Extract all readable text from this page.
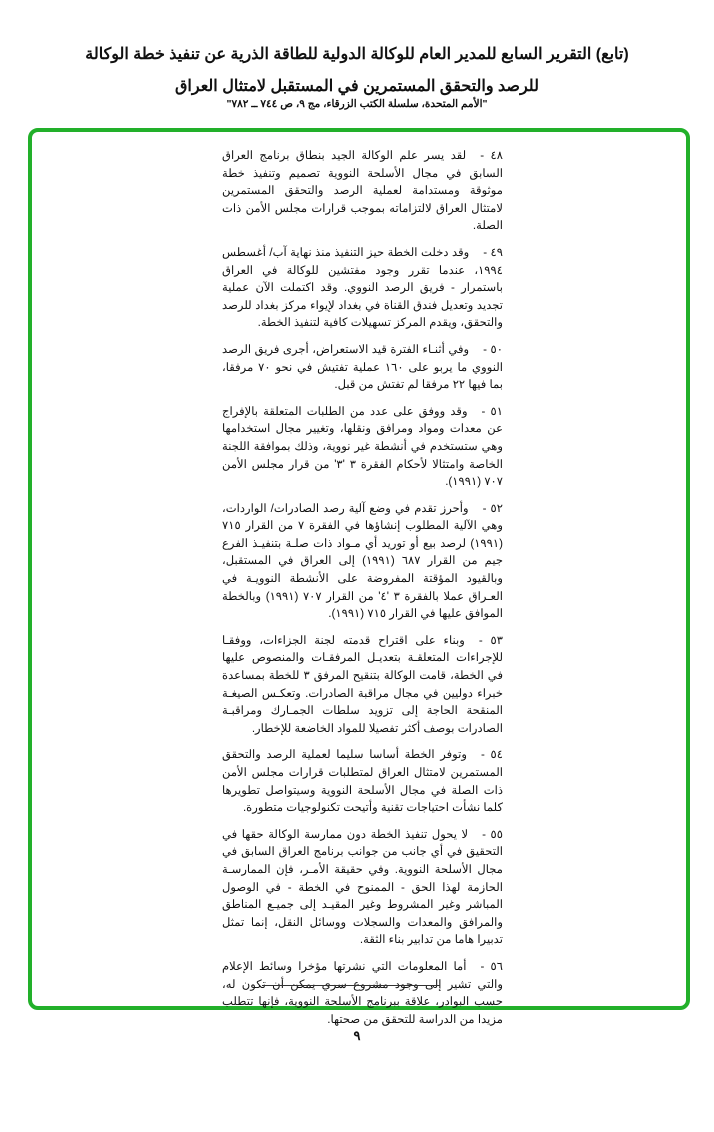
(تابع) التقرير السابع للمدير العام للوكالة الدولية للطاقة الذرية عن تنفيذ خطة الوكالة
للرصد والتحقق المستمرين في المستقبل لامتثال العراق
"الأمم المتحدة، سلسلة الكتب الزرقاء، مج ٩، ص ٧٤٤ ــ ٧٨٢"

٤٨ -لقد يسر علم الوكالة الجيد بنطاق برنامج العراق السابق في مجال الأسلحة النووية تصميم وتنفيذ خطة موثوقة ومستدامة لعملية الرصد والتحقق المستمرين لامتثال العراق لالتزاماته بموجب قرارات مجلس الأمن ذات الصلة.

٤٩ -وقد دخلت الخطة حيز التنفيذ منذ نهاية آب/ أغسطس ١٩٩٤، عندما تقرر وجود مفتشين للوكالة في العراق باستمرار - فريق الرصد النووي. وقد اكتملت الآن عملية تجديد وتعديل فندق القناة في بغداد لإيواء مركز بغداد للرصد والتحقق، ويقدم المركز تسهيلات كافية لتنفيذ الخطة.

٥٠ -وفي أثنـاء الفترة قيد الاستعراض، أجرى فريق الرصد النووي ما يربو على ١٦٠ عملية تفتيش في نحو ٧٠ مرفقا، بما فيها ٢٢ مرفقا لم تفتش من قبل.

٥١ -وقد ووفق على عدد من الطلبات المتعلقة بالإفراج عن معدات ومواد ومرافق ونقلها، وتغيير مجال استخدامها وهي ستستخدم في أنشطة غير نووية، وذلك بموافقة اللجنة الخاصة وامتثالا لأحكام الفقرة ٣ '٣' من قرار مجلس الأمن ٧٠٧ (١٩٩١).

٥٢ -وأحرز تقدم في وضع آلية رصد الصادرات/ الواردات، وهي الآلية المطلوب إنشاؤها في الفقرة ٧ من القرار ٧١٥ (١٩٩١) لرصد بيع أو توريد أي مـواد ذات صلـة بتنفيـذ الفرع جيم من القرار ٦٨٧ (١٩٩١) إلى العراق في المستقبل، وبالقيود المؤقتة المفروضة على الأنشطة النوويـة في العـراق عملا بالفقرة ٣ '٤' من القرار ٧٠٧ (١٩٩١) وبالخطة الموافق عليها في القرار ٧١٥ (١٩٩١).

٥٣ -وبناء على اقتراح قدمته لجنة الجزاءات، ووفقـا للإجراءات المتعلقـة بتعديـل المرفقـات والمنصوص عليها في الخطة، قامت الوكالة بتنقيح المرفق ٣ للخطة بمساعدة خبراء دوليين في مجال مراقبة الصادرات. وتعكـس الصيغـة المنقحة الحاجة إلى تزويد سلطات الجمـارك ومراقبـة الصادرات بوصف أكثر تفصيلا للمواد الخاضعة للإخطار.

٥٤ -وتوفر الخطة أساسا سليما لعملية الرصد والتحقق المستمرين لامتثال العراق لمتطلبات قرارات مجلس الأمن ذات الصلة في مجال الأسلحة النووية وسيتواصل تطويرها كلما نشأت احتياجات تقنية وأتيحت تكنولوجيات متطورة.

٥٥ -لا يحول تنفيذ الخطة دون ممارسة الوكالة حقها في التحقيق في أي جانب من جوانب برنامج العراق السابق في مجال الأسلحة النووية. وفي حقيقة الأمـر، فإن الممارسـة الحازمة لهذا الحق - الممنوح في الخطة - في الوصول المباشر وغير المشروط وغير المقيـد إلى جميـع المناطق والمرافق والمعدات والسجلات ووسائل النقل، إنما تمثل تدبيرا هاما من تدابير بناء الثقة.

٥٦ -أما المعلومات التي نشرتها مؤخرا وسائط الإعلام والتي تشير إلى وجود مشروع سري يمكن أن تكون له، حسب البوادر، علاقة ببرنامج الأسلحة النووية، فإنها تتطلب مزيدا من الدراسة للتحقق من صحتها.

٩
